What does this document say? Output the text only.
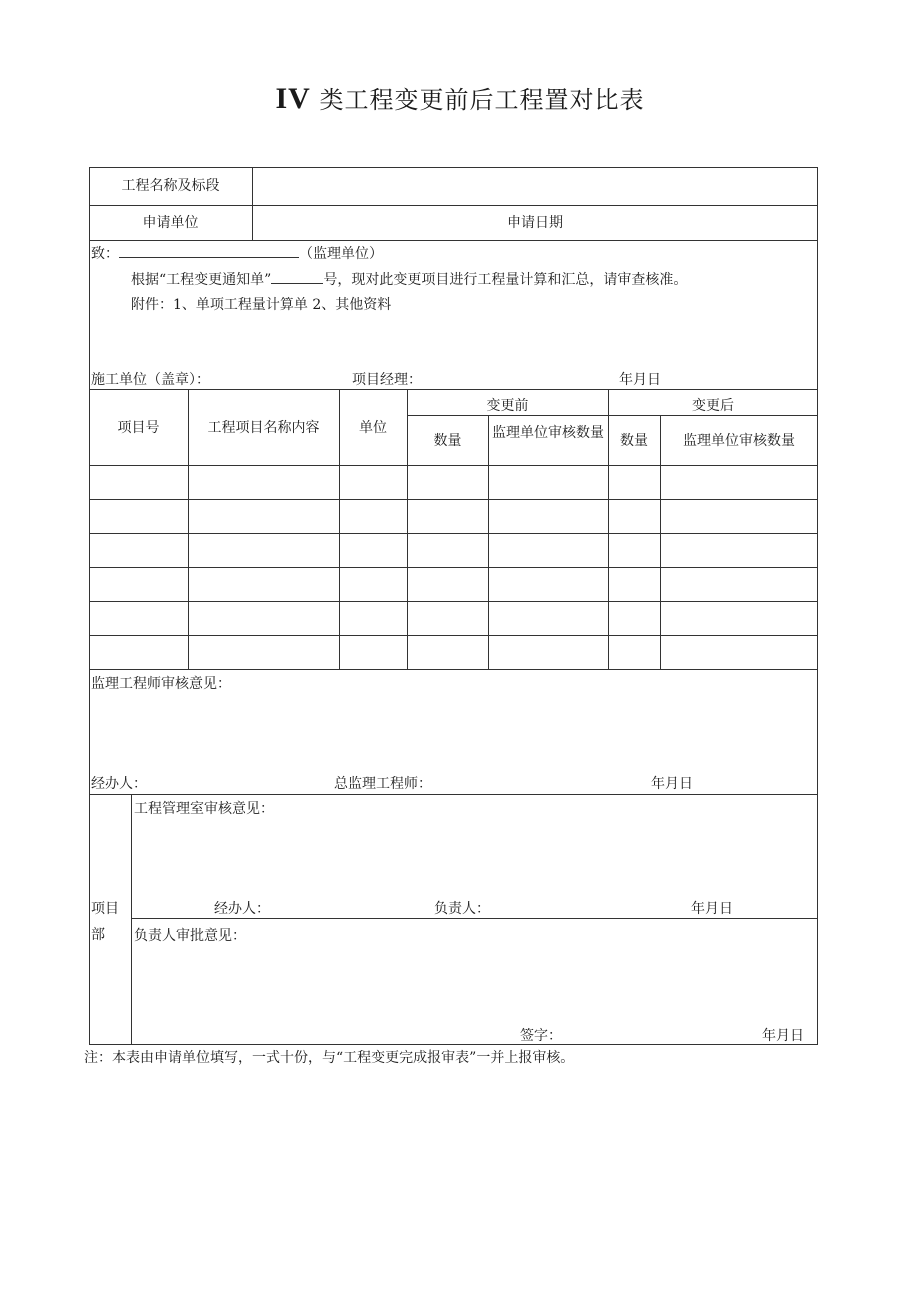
IV 类工程变更前后工程置对比表
工程名称及标段
申请单位	申请日期
致：	（监理单位）
根据“工程变更通知单”	号，现对此变更项目进行工程量计算和汇总，请审查核准。
附件：1、单项工程量计算单 2、其他资料
施工单位（盖章）：	项目经理：	年月日
项目号	工程项目名称内容	单位
变更前	变更后
数量	监理单位审核数量	数量	监理单位审核数量
监理工程师审核意见：
经办人：	总监理工程师：	年月日
项目
部
工程管理室审核意见：
经办人：	负责人：	年月日
负责人审批意见：
签字：	年月日
注：本表由申请单位填写，一式十份，与“工程变更完成报审表”一并上报审核。
